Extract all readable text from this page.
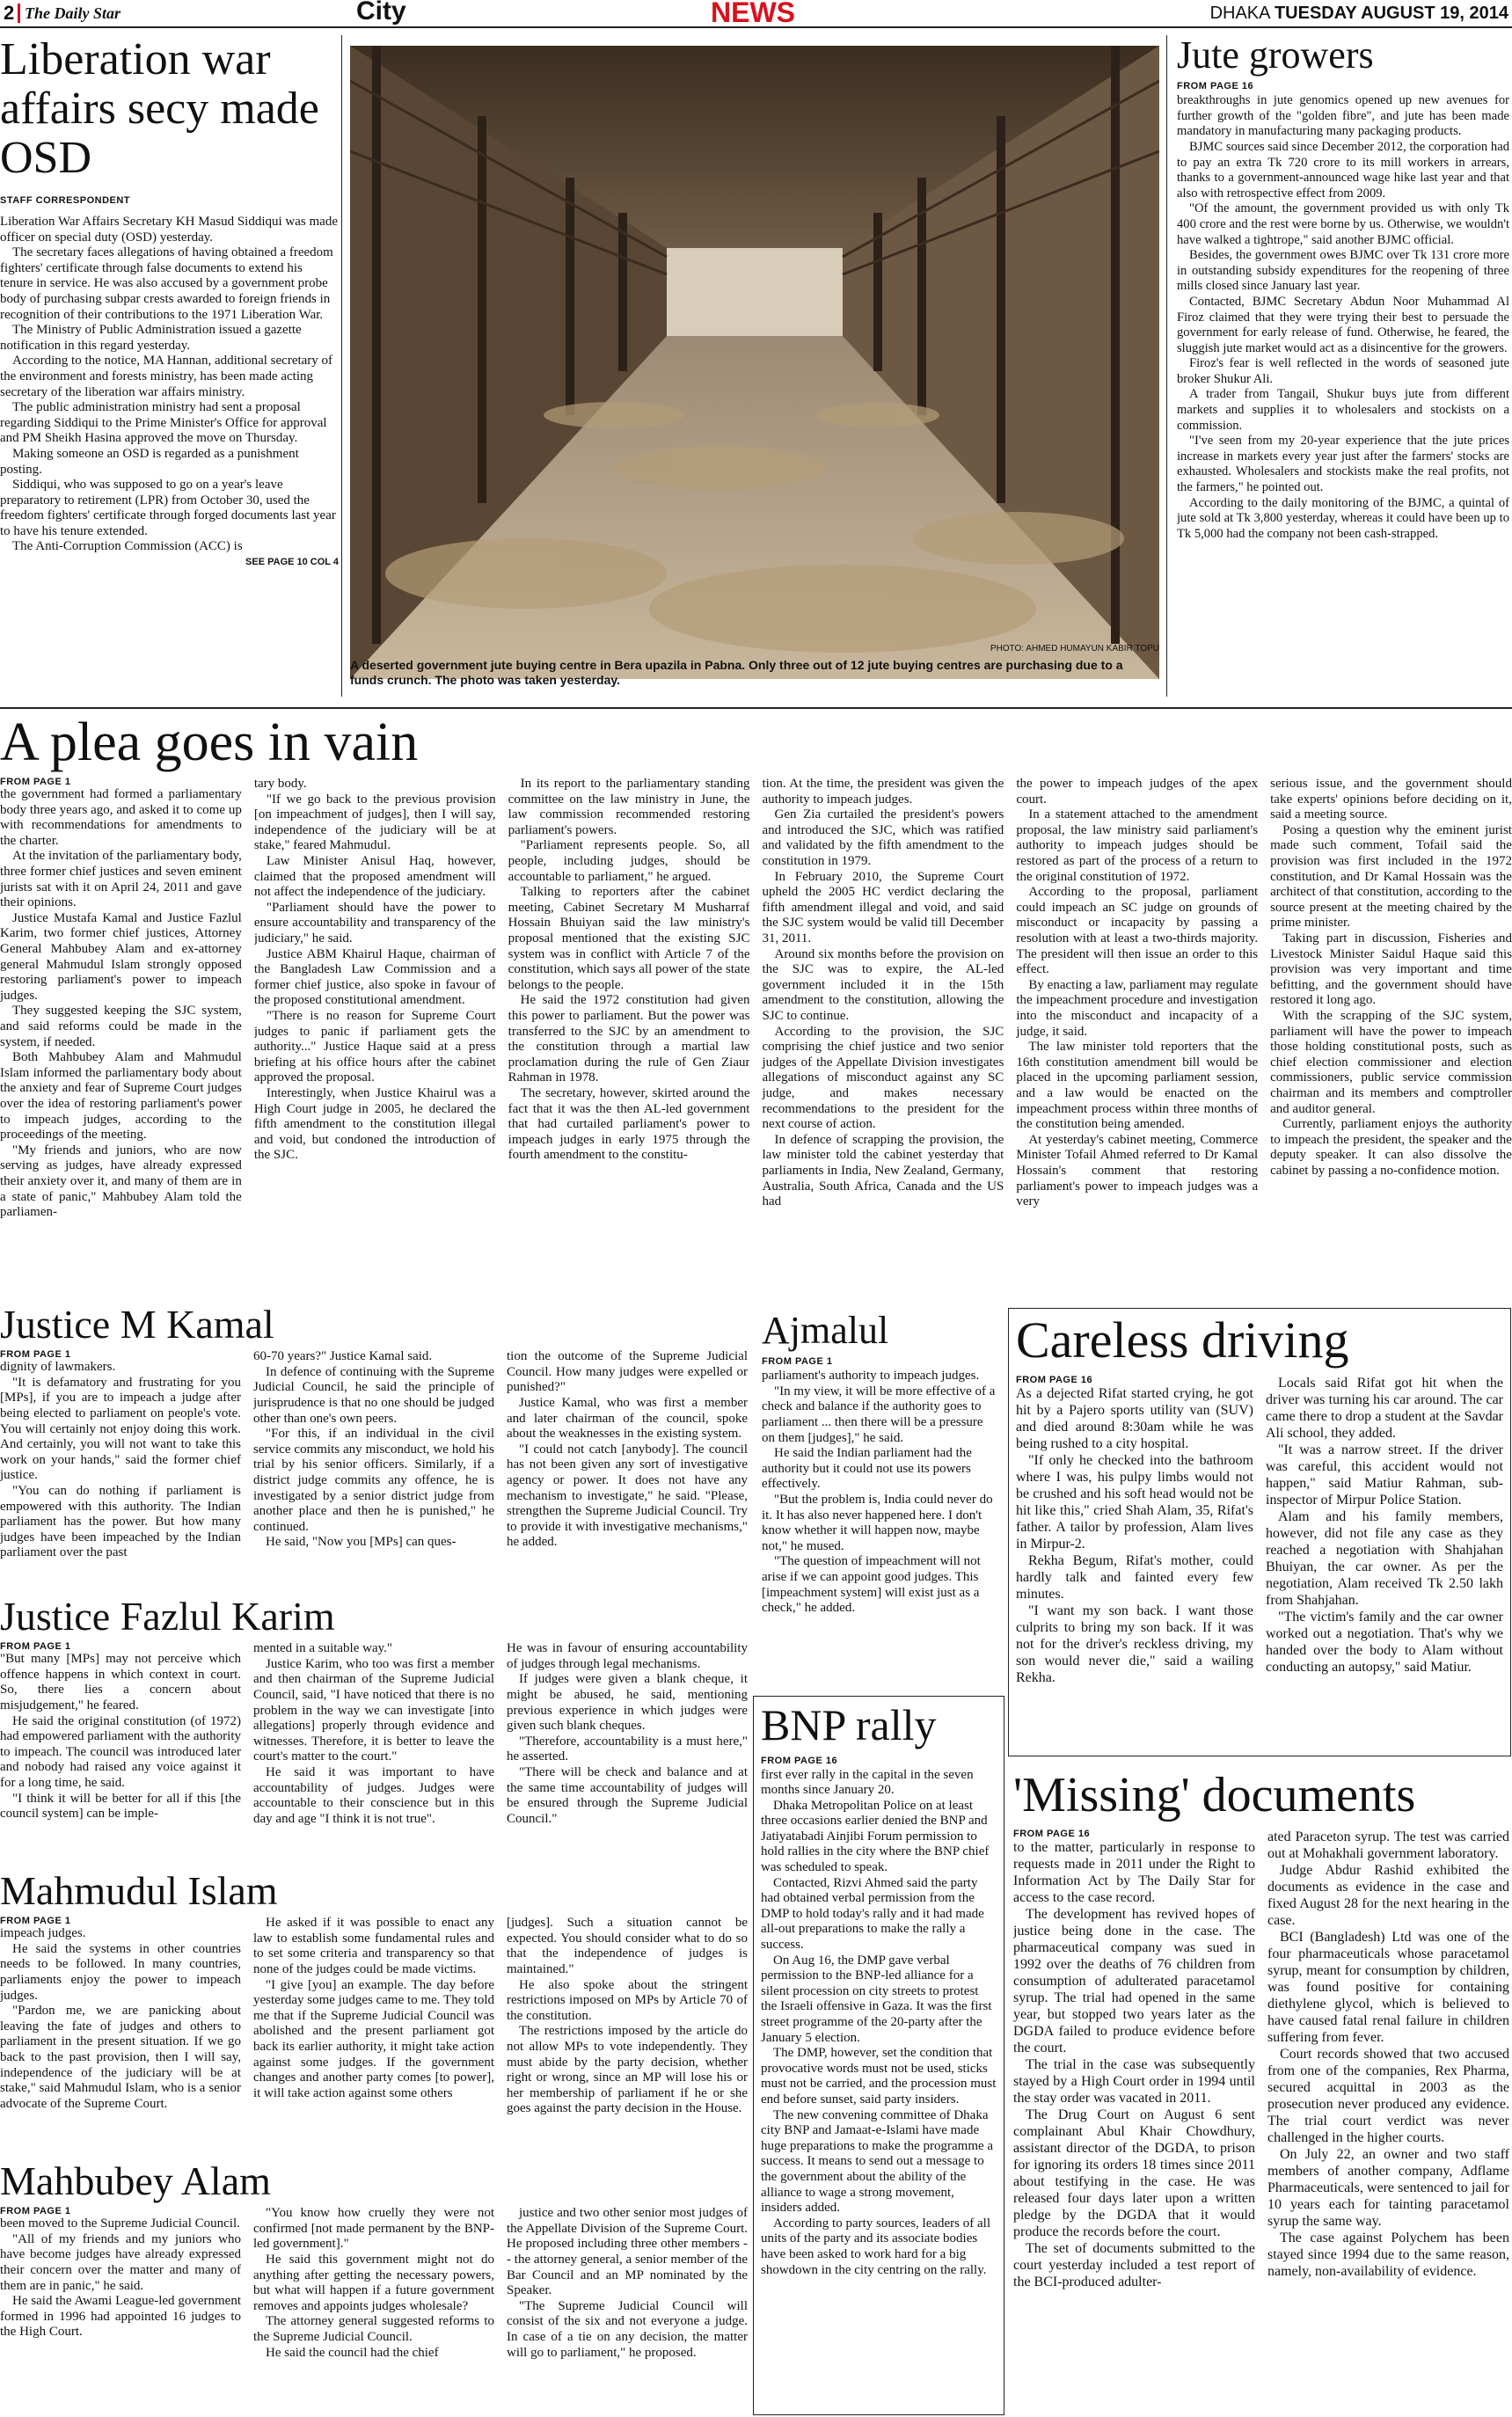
2 The Daily Star	City	NEWS	DHAKA TUESDAY AUGUST 19, 2014
Liberation war affairs secy made OSD
STAFF CORRESPONDENT

Liberation War Affairs Secretary KH Masud Siddiqui was made officer on special duty (OSD) yesterday.

The secretary faces allegations of having obtained a freedom fighters' certificate through false documents to extend his tenure in service. He was also accused by a government probe body of purchasing subpar crests awarded to foreign friends in recognition of their contributions to the 1971 Liberation War.

The Ministry of Public Administration issued a gazette notification in this regard yesterday.

According to the notice, MA Hannan, additional secretary of the environment and forests ministry, has been made acting secretary of the liberation war affairs ministry.

The public administration ministry had sent a proposal regarding Siddiqui to the Prime Minister's Office for approval and PM Sheikh Hasina approved the move on Thursday.

Making someone an OSD is regarded as a punishment posting.

Siddiqui, who was supposed to go on a year's leave preparatory to retirement (LPR) from October 30, used the freedom fighters' certificate through forged documents last year to have his tenure extended.

The Anti-Corruption Commission (ACC) is

SEE PAGE 10 COL 4
PHOTO: AHMED HUMAYUN KABIR TOPU
A deserted government jute buying centre in Bera upazila in Pabna. Only three out of 12 jute buying centres are purchasing due to a funds crunch. The photo was taken yesterday.
Jute growers
FROM PAGE 16

breakthroughs in jute genomics opened up new avenues for further growth of the "golden fibre", and jute has been made mandatory in manufacturing many packaging products.

BJMC sources said since December 2012, the corporation had to pay an extra Tk 720 crore to its mill workers in arrears, thanks to a government-announced wage hike last year and that also with retrospective effect from 2009.

"Of the amount, the government provided us with only Tk 400 crore and the rest were borne by us. Otherwise, we wouldn't have walked a tightrope," said another BJMC official.

Besides, the government owes BJMC over Tk 131 crore more in outstanding subsidy expenditures for the reopening of three mills closed since January last year.

Contacted, BJMC Secretary Abdun Noor Muhammad Al Firoz claimed that they were trying their best to persuade the government for early release of fund. Otherwise, he feared, the sluggish jute market would act as a disincentive for the growers.

Firoz's fear is well reflected in the words of seasoned jute broker Shukur Ali.

A trader from Tangail, Shukur buys jute from different markets and supplies it to wholesalers and stockists on a commission.

"I've seen from my 20-year experience that the jute prices increase in markets every year just after the farmers' stocks are exhausted. Wholesalers and stockists make the real profits, not the farmers," he pointed out.

According to the daily monitoring of the BJMC, a quintal of jute sold at Tk 3,800 yesterday, whereas it could have been up to Tk 5,000 had the company not been cash-strapped.

A plea goes in vain
FROM PAGE 1

the government had formed a parliamentary body three years ago, and asked it to come up with recommendations for amendments to the charter.

At the invitation of the parliamentary body, three former chief justices and seven eminent jurists sat with it on April 24, 2011 and gave their opinions.

Justice Mustafa Kamal and Justice Fazlul Karim, two former chief justices, Attorney General Mahbubey Alam and ex-attorney general Mahmudul Islam strongly opposed restoring parliament's power to impeach judges.

They suggested keeping the SJC system, and said reforms could be made in the system, if needed.

Both Mahbubey Alam and Mahmudul Islam informed the parliamentary body about the anxiety and fear of Supreme Court judges over the idea of restoring parliament's power to impeach judges, according to the proceedings of the meeting.

"My friends and juniors, who are now serving as judges, have already expressed their anxiety over it, and many of them are in a state of panic," Mahbubey Alam told the parliamen-

tary body.

"If we go back to the previous provision [on impeachment of judges], then I will say, independence of the judiciary will be at stake," feared Mahmudul.

Law Minister Anisul Haq, however, claimed that the proposed amendment will not affect the independence of the judiciary.

"Parliament should have the power to ensure accountability and transparency of the judiciary," he said.

Justice ABM Khairul Haque, chairman of the Bangladesh Law Commission and a former chief justice, also spoke in favour of the proposed constitutional amendment.

"There is no reason for Supreme Court judges to panic if parliament gets the authority..." Justice Haque said at a press briefing at his office hours after the cabinet approved the proposal.

Interestingly, when Justice Khairul was a High Court judge in 2005, he declared the fifth amendment to the constitution illegal and void, but condoned the introduction of the SJC.

In its report to the parliamentary standing committee on the law ministry in June, the law commission recommended restoring parliament's powers.

"Parliament represents people. So, all people, including judges, should be accountable to parliament," he argued.

Talking to reporters after the cabinet meeting, Cabinet Secretary M Musharraf Hossain Bhuiyan said the law ministry's proposal mentioned that the existing SJC system was in conflict with Article 7 of the constitution, which says all power of the state belongs to the people.

He said the 1972 constitution had given this power to parliament. But the power was transferred to the SJC by an amendment to the constitution through a martial law proclamation during the rule of Gen Ziaur Rahman in 1978.

The secretary, however, skirted around the fact that it was the then AL-led government that had curtailed parliament's power to impeach judges in early 1975 through the fourth amendment to the constitu-

tion. At the time, the president was given the authority to impeach judges.

Gen Zia curtailed the president's powers and introduced the SJC, which was ratified and validated by the fifth amendment to the constitution in 1979.

In February 2010, the Supreme Court upheld the 2005 HC verdict declaring the fifth amendment illegal and void, and said the SJC system would be valid till December 31, 2011.

Around six months before the provision on the SJC was to expire, the AL-led government included it in the 15th amendment to the constitution, allowing the SJC to continue.

According to the provision, the SJC comprising the chief justice and two senior judges of the Appellate Division investigates allegations of misconduct against any SC judge, and makes necessary recommendations to the president for the next course of action.

In defence of scrapping the provision, the law minister told the cabinet yesterday that parliaments in India, New Zealand, Germany, Australia, South Africa, Canada and the US had

the power to impeach judges of the apex court.

In a statement attached to the amendment proposal, the law ministry said parliament's authority to impeach judges should be restored as part of the process of a return to the original constitution of 1972.

According to the proposal, parliament could impeach an SC judge on grounds of misconduct or incapacity by passing a resolution with at least a two-thirds majority. The president will then issue an order to this effect.

By enacting a law, parliament may regulate the impeachment procedure and investigation into the misconduct and incapacity of a judge, it said.

The law minister told reporters that the 16th constitution amendment bill would be placed in the upcoming parliament session, and a law would be enacted on the impeachment process within three months of the constitution being amended.

At yesterday's cabinet meeting, Commerce Minister Tofail Ahmed referred to Dr Kamal Hossain's comment that restoring parliament's power to impeach judges was a very

serious issue, and the government should take experts' opinions before deciding on it, said a meeting source.

Posing a question why the eminent jurist made such comment, Tofail said the provision was first included in the 1972 constitution, and Dr Kamal Hossain was the architect of that constitution, according to the source present at the meeting chaired by the prime minister.

Taking part in discussion, Fisheries and Livestock Minister Saidul Haque said this provision was very important and time befitting, and the government should have restored it long ago.

With the scrapping of the SJC system, parliament will have the power to impeach those holding constitutional posts, such as chief election commissioner and election commissioners, public service commission chairman and its members and comptroller and auditor general.

Currently, parliament enjoys the authority to impeach the president, the speaker and the deputy speaker. It can also dissolve the cabinet by passing a no-confidence motion.

Justice M Kamal
FROM PAGE 1

dignity of lawmakers.

"It is defamatory and frustrating for you [MPs], if you are to impeach a judge after being elected to parliament on people's vote. You will certainly not enjoy doing this work. And certainly, you will not want to take this work on your hands," said the former chief justice.

"You can do nothing if parliament is empowered with this authority. The Indian parliament has the power. But how many judges have been impeached by the Indian parliament over the past

60-70 years?" Justice Kamal said.

In defence of continuing with the Supreme Judicial Council, he said the principle of jurisprudence is that no one should be judged other than one's own peers.

"For this, if an individual in the civil service commits any misconduct, we hold his trial by his senior officers. Similarly, if a district judge commits any offence, he is investigated by a senior district judge from another place and then he is punished," he continued.

He said, "Now you [MPs] can ques-

tion the outcome of the Supreme Judicial Council. How many judges were expelled or punished?"

Justice Kamal, who was first a member and later chairman of the council, spoke about the weaknesses in the existing system.

"I could not catch [anybody]. The council has not been given any sort of investigative agency or power. It does not have any mechanism to investigate," he said. "Please, strengthen the Supreme Judicial Council. Try to provide it with investigative mechanisms," he added.

Justice Fazlul Karim
FROM PAGE 1

"But many [MPs] may not perceive which offence happens in which context in court. So, there lies a concern about misjudgement," he feared.

He said the original constitution (of 1972) had empowered parliament with the authority to impeach. The council was introduced later and nobody had raised any voice against it for a long time, he said.

"I think it will be better for all if this [the council system] can be imple-

mented in a suitable way."

Justice Karim, who too was first a member and then chairman of the Supreme Judicial Council, said, "I have noticed that there is no problem in the way we can investigate [into allegations] properly through evidence and witnesses. Therefore, it is better to leave the court's matter to the court."

He said it was important to have accountability of judges. Judges were accountable to their conscience but in this day and age "I think it is not true".

He was in favour of ensuring accountability of judges through legal mechanisms.

If judges were given a blank cheque, it might be abused, he said, mentioning previous experience in which judges were given such blank cheques.

"Therefore, accountability is a must here," he asserted.

"There will be check and balance and at the same time accountability of judges will be ensured through the Supreme Judicial Council."

Mahmudul Islam
FROM PAGE 1

impeach judges.

He said the systems in other countries needs to be followed. In many countries, parliaments enjoy the power to impeach judges.

"Pardon me, we are panicking about leaving the fate of judges and others to parliament in the present situation. If we go back to the past provision, then I will say, independence of the judiciary will be at stake," said Mahmudul Islam, who is a senior advocate of the Supreme Court.

He asked if it was possible to enact any law to establish some fundamental rules and to set some criteria and transparency so that none of the judges could be made victims.

"I give [you] an example. The day before yesterday some judges came to me. They told me that if the Supreme Judicial Council was abolished and the present parliament got back its earlier authority, it might take action against some judges. If the government changes and another party comes [to power], it will take action against some others

[judges]. Such a situation cannot be expected. You should consider what to do so that the independence of judges is maintained."

He also spoke about the stringent restrictions imposed on MPs by Article 70 of the constitution.

The restrictions imposed by the article do not allow MPs to vote independently. They must abide by the party decision, whether right or wrong, since an MP will lose his or her membership of parliament if he or she goes against the party decision in the House.

Mahbubey Alam
FROM PAGE 1

been moved to the Supreme Judicial Council.

"All of my friends and my juniors who have become judges have already expressed their concern over the matter and many of them are in panic," he said.

He said the Awami League-led government formed in 1996 had appointed 16 judges to the High Court.

"You know how cruelly they were not confirmed [not made permanent by the BNP-led government]."

He said this government might not do anything after getting the necessary powers, but what will happen if a future government removes and appoints judges wholesale?

The attorney general suggested reforms to the Supreme Judicial Council.

He said the council had the chief

justice and two other senior most judges of the Appellate Division of the Supreme Court. He proposed including three other members -- the attorney general, a senior member of the Bar Council and an MP nominated by the Speaker.

"The Supreme Judicial Council will consist of the six and not everyone a judge. In case of a tie on any decision, the matter will go to parliament," he proposed.

Ajmalul
FROM PAGE 1

parliament's authority to impeach judges.

"In my view, it will be more effective of a check and balance if the authority goes to parliament ... then there will be a pressure on them [judges]," he said.

He said the Indian parliament had the authority but it could not use its powers effectively.

"But the problem is, India could never do it. It has also never happened here. I don't know whether it will happen now, maybe not," he mused.

"The question of impeachment will not arise if we can appoint good judges. This [impeachment system] will exist just as a check," he added.

BNP rally
FROM PAGE 16

first ever rally in the capital in the seven months since January 20.

Dhaka Metropolitan Police on at least three occasions earlier denied the BNP and Jatiyatabadi Ainjibi Forum permission to hold rallies in the city where the BNP chief was scheduled to speak.

Contacted, Rizvi Ahmed said the party had obtained verbal permission from the DMP to hold today's rally and it had made all-out preparations to make the rally a success.

On Aug 16, the DMP gave verbal permission to the BNP-led alliance for a silent procession on city streets to protest the Israeli offensive in Gaza. It was the first street programme of the 20-party after the January 5 election.

The DMP, however, set the condition that provocative words must not be used, sticks must not be carried, and the procession must end before sunset, said party insiders.

The new convening committee of Dhaka city BNP and Jamaat-e-Islami have made huge preparations to make the programme a success. It means to send out a message to the government about the ability of the alliance to wage a strong movement, insiders added.

According to party sources, leaders of all units of the party and its associate bodies have been asked to work hard for a big showdown in the city centring on the rally.

Careless driving
FROM PAGE 16

As a dejected Rifat started crying, he got hit by a Pajero sports utility van (SUV) and died around 8:30am while he was being rushed to a city hospital.

"If only he checked into the bathroom where I was, his pulpy limbs would not be crushed and his soft head would not be hit like this," cried Shah Alam, 35, Rifat's father. A tailor by profession, Alam lives in Mirpur-2.

Rekha Begum, Rifat's mother, could hardly talk and fainted every few minutes.

"I want my son back. I want those culprits to bring my son back. If it was not for the driver's reckless driving, my son would never die," said a wailing Rekha.

Locals said Rifat got hit when the driver was turning his car around. The car came there to drop a student at the Savdar Ali school, they added.

"It was a narrow street. If the driver was careful, this accident would not happen," said Matiur Rahman, sub-inspector of Mirpur Police Station.

Alam and his family members, however, did not file any case as they reached a negotiation with Shahjahan Bhuiyan, the car owner. As per the negotiation, Alam received Tk 2.50 lakh from Shahjahan.

"The victim's family and the car owner worked out a negotiation. That's why we handed over the body to Alam without conducting an autopsy," said Matiur.

'Missing' documents
FROM PAGE 16

to the matter, particularly in response to requests made in 2011 under the Right to Information Act by The Daily Star for access to the case record.

The development has revived hopes of justice being done in the case. The pharmaceutical company was sued in 1992 over the deaths of 76 children from consumption of adulterated paracetamol syrup. The trial had opened in the same year, but stopped two years later as the DGDA failed to produce evidence before the court.

The trial in the case was subsequently stayed by a High Court order in 1994 until the stay order was vacated in 2011.

The Drug Court on August 6 sent complainant Abul Khair Chowdhury, assistant director of the DGDA, to prison for ignoring its orders 18 times since 2011 about testifying in the case. He was released four days later upon a written pledge by the DGDA that it would produce the records before the court.

The set of documents submitted to the court yesterday included a test report of the BCI-produced adulter-

ated Paraceton syrup. The test was carried out at Mohakhali government laboratory.

Judge Abdur Rashid exhibited the documents as evidence in the case and fixed August 28 for the next hearing in the case.

BCI (Bangladesh) Ltd was one of the four pharmaceuticals whose paracetamol syrup, meant for consumption by children, was found positive for containing diethylene glycol, which is believed to have caused fatal renal failure in children suffering from fever.

Court records showed that two accused from one of the companies, Rex Pharma, secured acquittal in 2003 as the prosecution never produced any evidence. The trial court verdict was never challenged in the higher courts.

On July 22, an owner and two staff members of another company, Adflame Pharmaceuticals, were sentenced to jail for 10 years each for tainting paracetamol syrup the same way.

The case against Polychem has been stayed since 1994 due to the same reason, namely, non-availability of evidence.
